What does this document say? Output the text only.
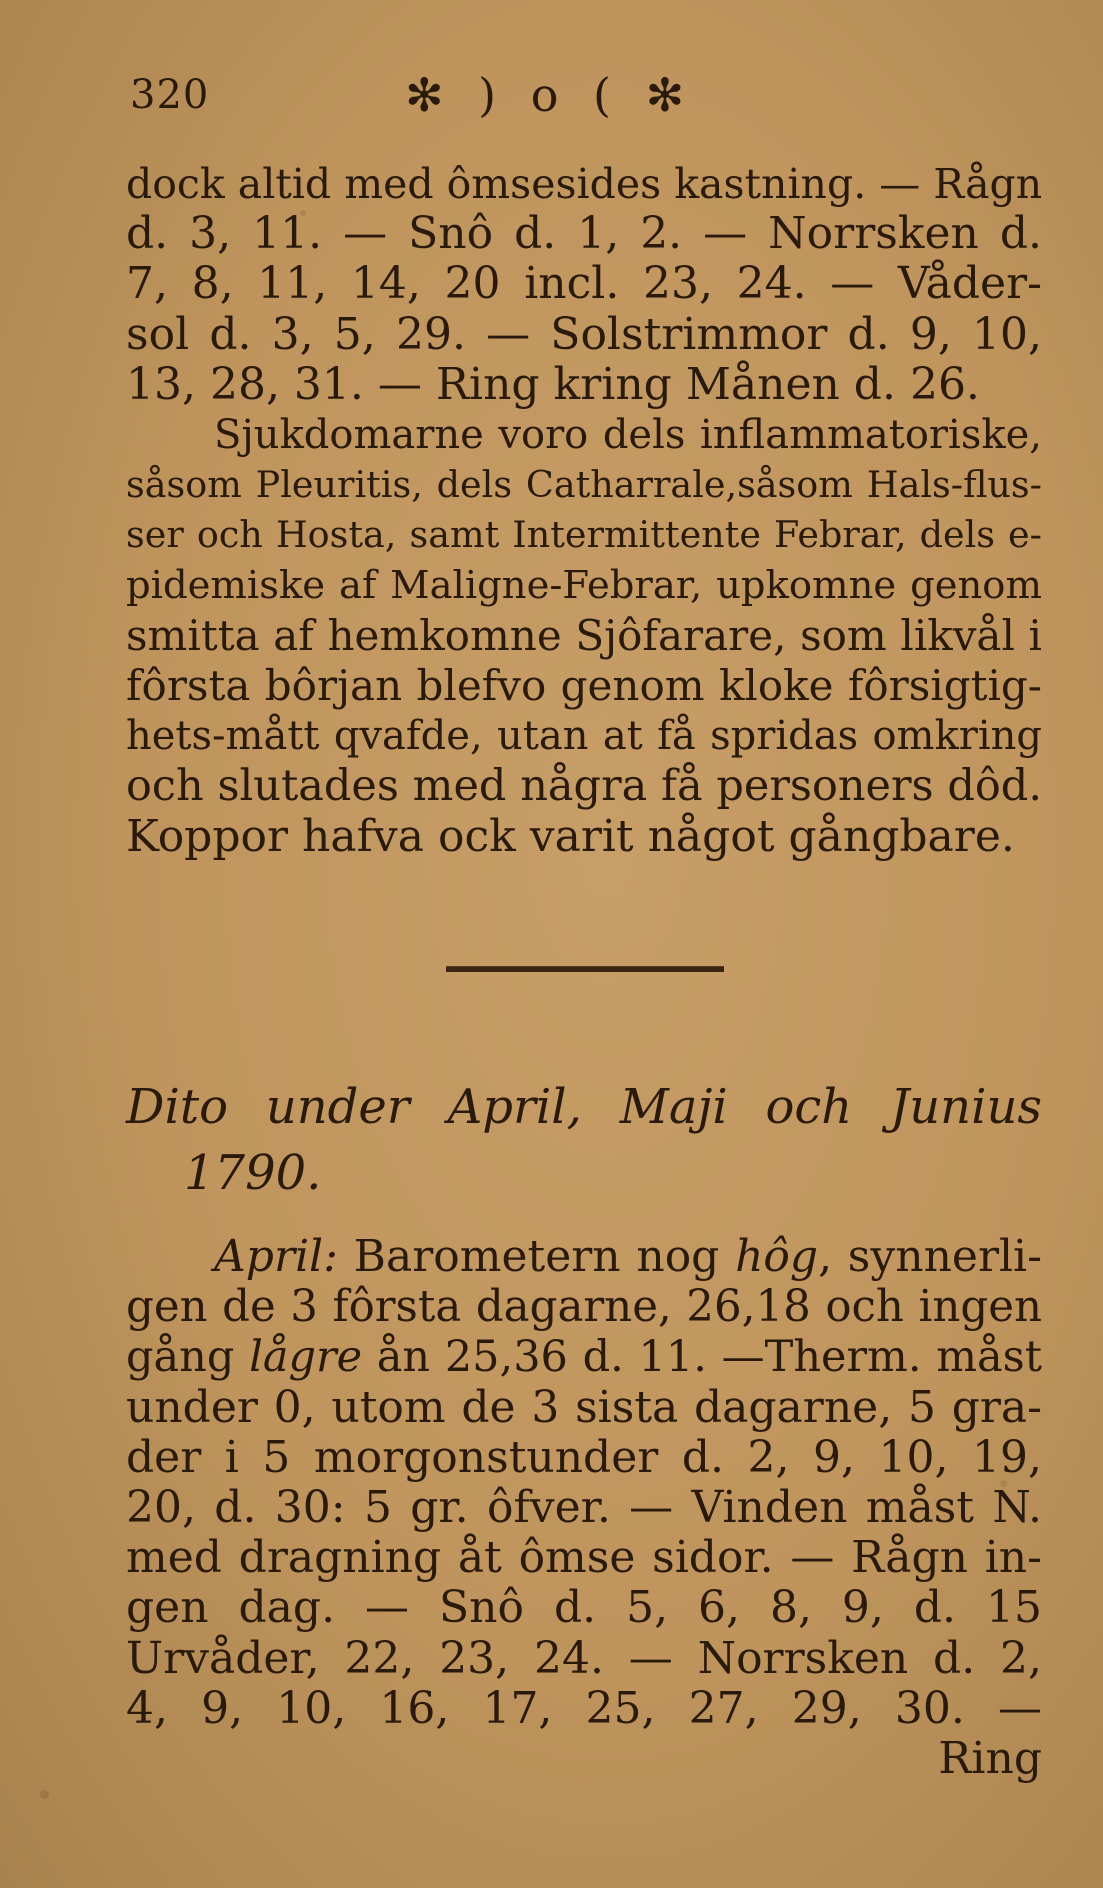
320	✻ ) o ( ✻
dock altid med ômsesides kastning. — Rågn
d. 3, 11. — Snô d. 1, 2. — Norrsken d.
7, 8, 11, 14, 20 incl. 23, 24. — Våder-
sol d. 3, 5, 29. — Solstrimmor d. 9, 10,
13, 28, 31. — Ring kring Månen d. 26.
Sjukdomarne voro dels inflammatoriske,
såsom Pleuritis, dels Catharrale,såsom Hals-flus-
ser och Hosta, samt Intermittente Febrar, dels e-
pidemiske af Maligne-Febrar, upkomne genom
smitta af hemkomne Sjôfarare, som likvål i
fôrsta bôrjan blefvo genom kloke fôrsigtig-
hets-mått qvafde, utan at få spridas omkring
och slutades med några få personers dôd.
Koppor hafva ock varit något gångbare.
Dito under April, Maji och Junius
1790.
April: Barometern nog hôg, synnerli-
gen de 3 fôrsta dagarne, 26,18 och ingen
gång lågre ån 25,36 d. 11. —Therm. måst
under 0, utom de 3 sista dagarne, 5 gra-
der i 5 morgonstunder d. 2, 9, 10, 19,
20, d. 30: 5 gr. ôfver. — Vinden måst N.
med dragning åt ômse sidor. — Rågn in-
gen dag. — Snô d. 5, 6, 8, 9, d. 15
Urvåder, 22, 23, 24. — Norrsken d. 2,
4, 9, 10, 16, 17, 25, 27, 29, 30. —
Ring
